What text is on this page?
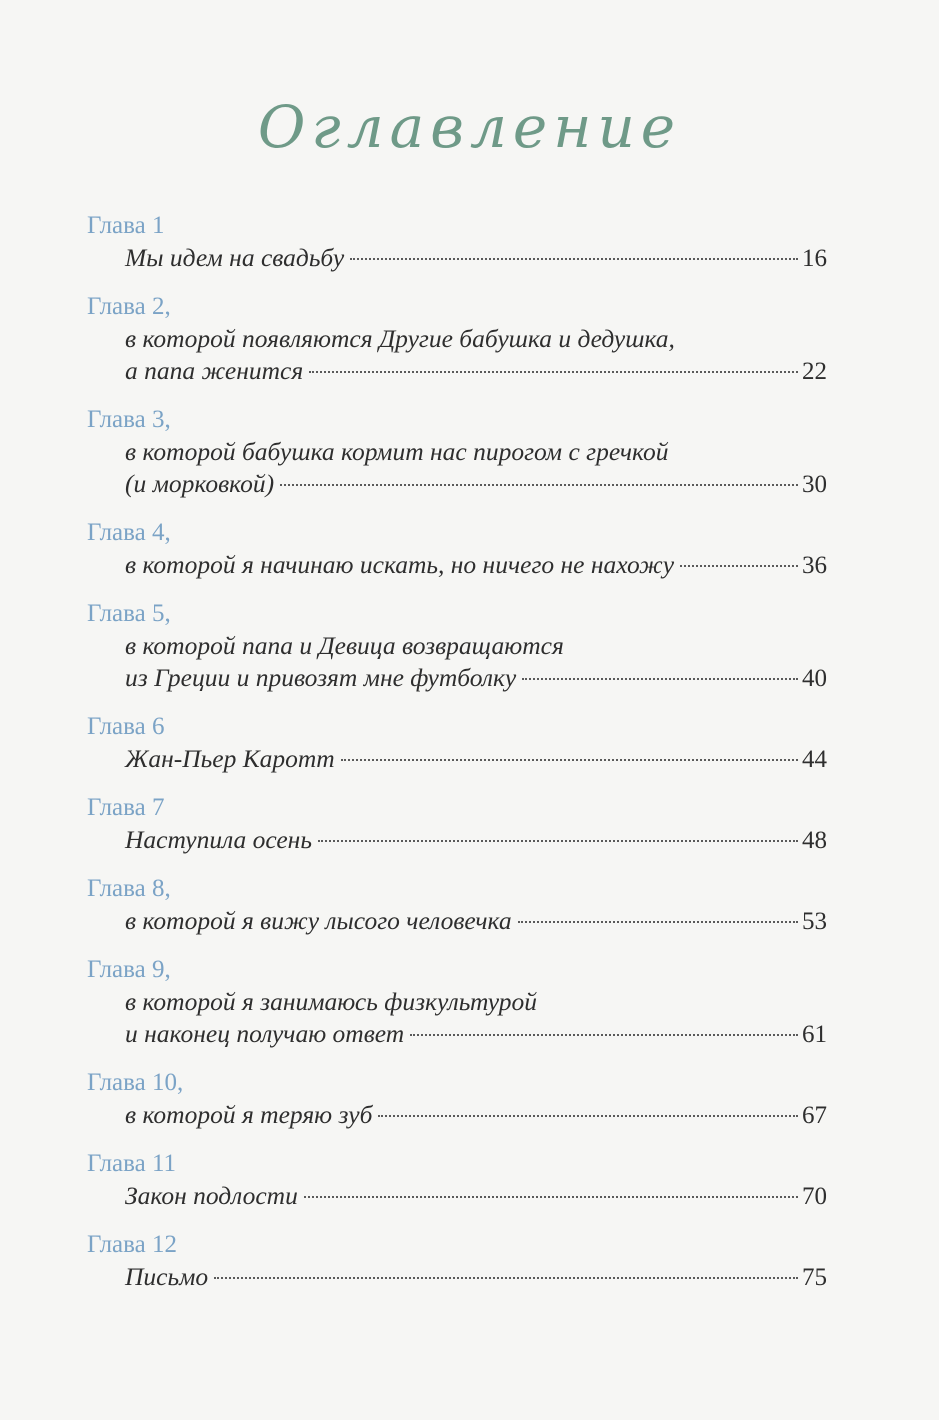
Оглавление
Глава 1
Мы идем на свадьбу	16
Глава 2,
в которой появляются Другие бабушка и дедушка,
а папа женится	22
Глава 3,
в которой бабушка кормит нас пирогом с гречкой
(и морковкой)	30
Глава 4,
в которой я начинаю искать, но ничего не нахожу	36
Глава 5,
в которой папа и Девица возвращаются
из Греции и привозят мне футболку	40
Глава 6
Жан-Пьер Каротт	44
Глава 7
Наступила осень	48
Глава 8,
в которой я вижу лысого человечка	53
Глава 9,
в которой я занимаюсь физкультурой
и наконец получаю ответ	61
Глава 10,
в которой я теряю зуб	67
Глава 11
Закон подлости	70
Глава 12
Письмо	75
